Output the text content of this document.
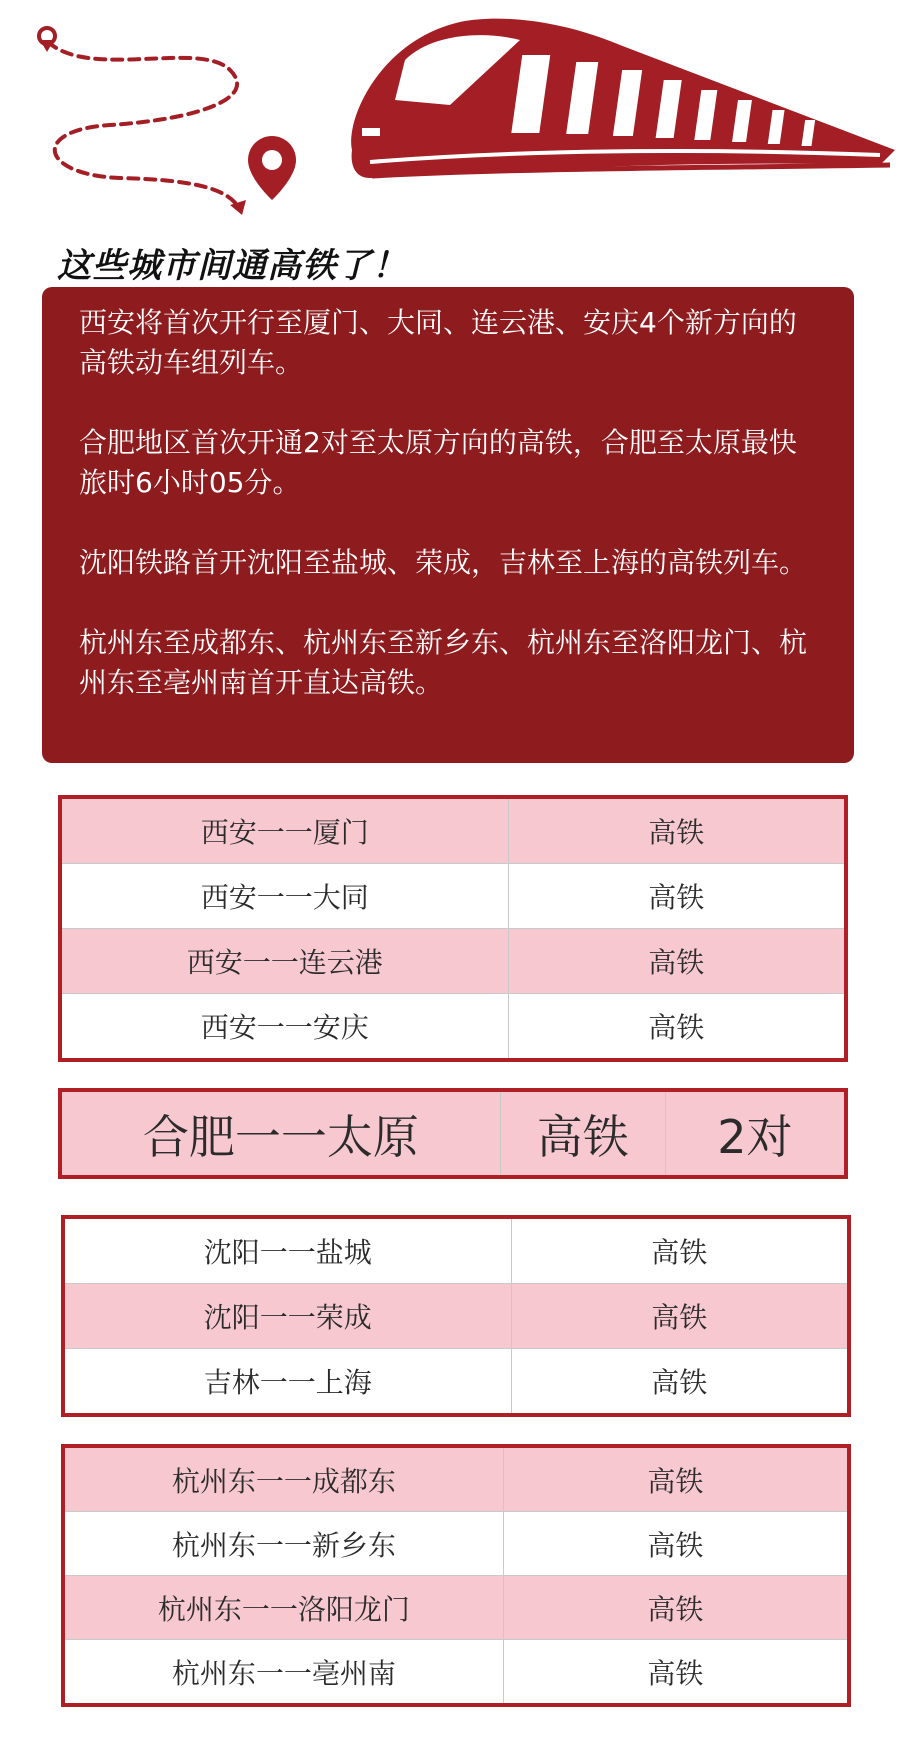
这些城市间通高铁了！

西安将首次开行至厦门、大同、连云港、安庆4个新方向的高铁动车组列车。

合肥地区首次开通2对至太原方向的高铁，合肥至太原最快旅时6小时05分。

沈阳铁路首开沈阳至盐城、荣成，吉林至上海的高铁列车。

杭州东至成都东、杭州东至新乡东、杭州东至洛阳龙门、杭州东至亳州南首开直达高铁。

西安一一厦门	高铁
西安一一大同	高铁
西安一一连云港	高铁
西安一一安庆	高铁
合肥一一太原	高铁	2对
沈阳一一盐城	高铁
沈阳一一荣成	高铁
吉林一一上海	高铁
杭州东一一成都东	高铁
杭州东一一新乡东	高铁
杭州东一一洛阳龙门	高铁
杭州东一一亳州南	高铁
